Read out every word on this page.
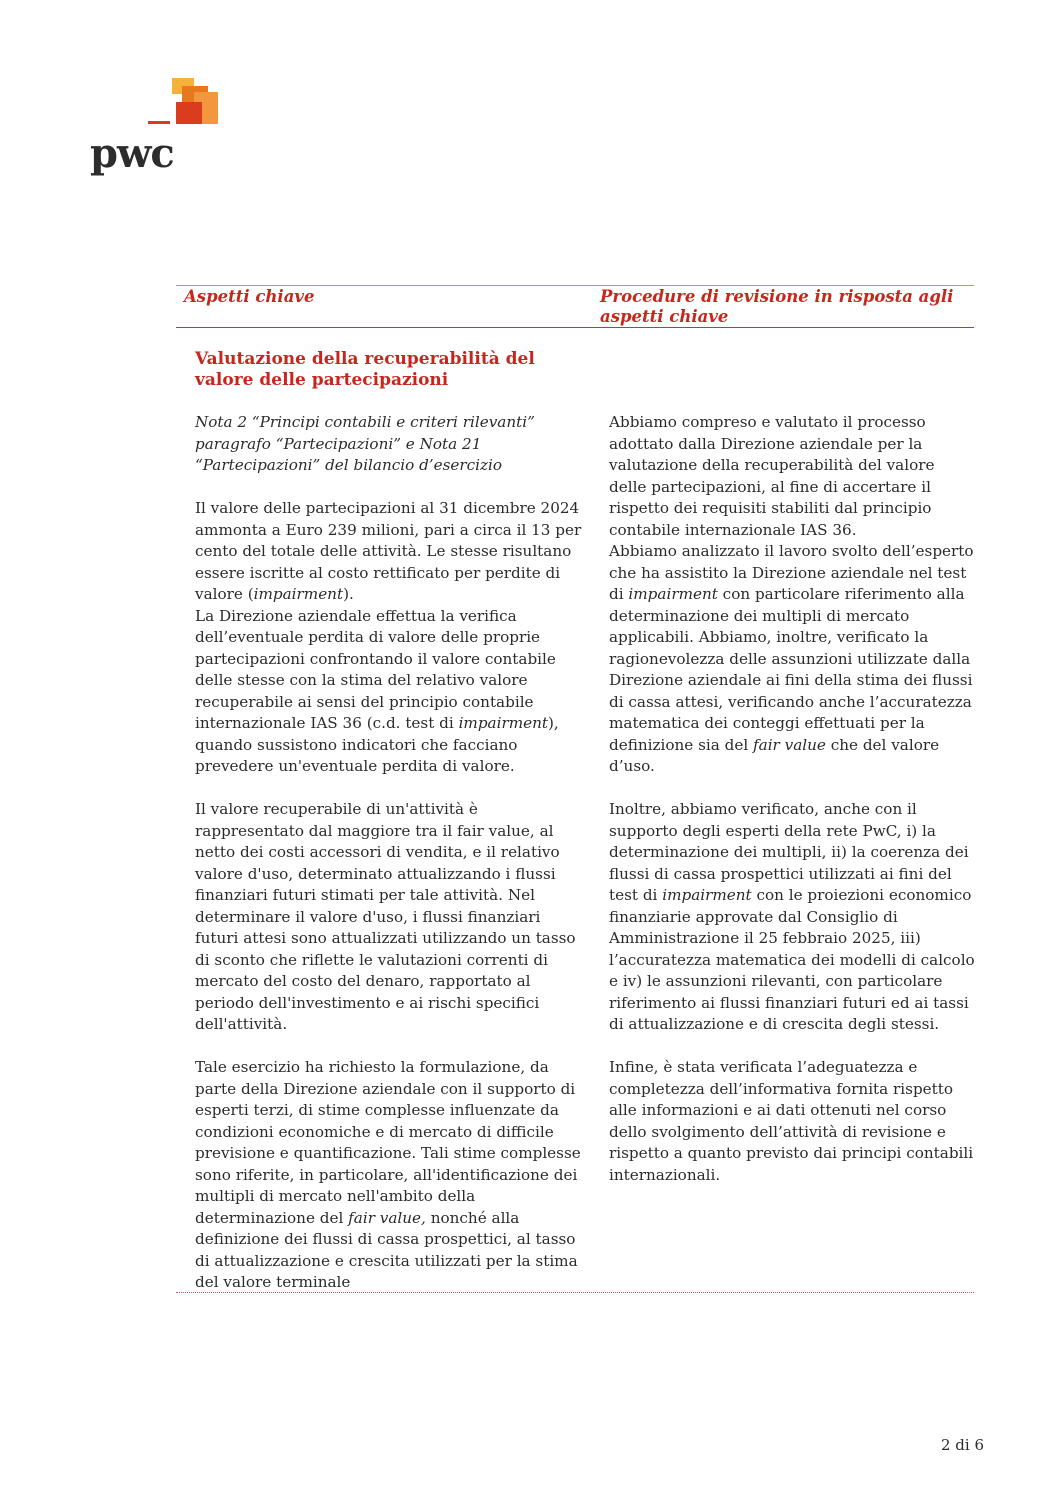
pwc
Aspetti chiave	Procedure di revisione in risposta agli aspetti chiave
Valutazione della recuperabilità del valore delle partecipazioni

Nota 2 “Principi contabili e criteri rilevanti” paragrafo “Partecipazioni” e Nota 21 “Partecipazioni” del bilancio d’esercizio

Il valore delle partecipazioni al 31 dicembre 2024 ammonta a Euro 239 milioni, pari a circa il 13 per cento del totale delle attività. Le stesse risultano essere iscritte al costo rettificato per perdite di valore (impairment).

La Direzione aziendale effettua la verifica dell’eventuale perdita di valore delle proprie partecipazioni confrontando il valore contabile delle stesse con la stima del relativo valore recuperabile ai sensi del principio contabile internazionale IAS 36 (c.d. test di impairment), quando sussistono indicatori che facciano prevedere un'eventuale perdita di valore.

Il valore recuperabile di un'attività è rappresentato dal maggiore tra il fair value, al netto dei costi accessori di vendita, e il relativo valore d'uso, determinato attualizzando i flussi finanziari futuri stimati per tale attività. Nel determinare il valore d'uso, i flussi finanziari futuri attesi sono attualizzati utilizzando un tasso di sconto che riflette le valutazioni correnti di mercato del costo del denaro, rapportato al periodo dell'investimento e ai rischi specifici dell'attività.

Tale esercizio ha richiesto la formulazione, da parte della Direzione aziendale con il supporto di esperti terzi, di stime complesse influenzate da condizioni economiche e di mercato di difficile previsione e quantificazione. Tali stime complesse sono riferite, in particolare, all'identificazione dei multipli di mercato nell'ambito della determinazione del fair value, nonché alla definizione dei flussi di cassa prospettici, al tasso di attualizzazione e crescita utilizzati per la stima del valore terminale

Abbiamo compreso e valutato il processo adottato dalla Direzione aziendale per la valutazione della recuperabilità del valore delle partecipazioni, al fine di accertare il rispetto dei requisiti stabiliti dal principio contabile internazionale IAS 36.

Abbiamo analizzato il lavoro svolto dell’esperto che ha assistito la Direzione aziendale nel test di impairment con particolare riferimento alla determinazione dei multipli di mercato applicabili. Abbiamo, inoltre, verificato la ragionevolezza delle assunzioni utilizzate dalla Direzione aziendale ai fini della stima dei flussi di cassa attesi, verificando anche l’accuratezza matematica dei conteggi effettuati per la definizione sia del fair value che del valore d’uso.

Inoltre, abbiamo verificato, anche con il supporto degli esperti della rete PwC, i) la determinazione dei multipli, ii) la coerenza dei flussi di cassa prospettici utilizzati ai fini del test di impairment con le proiezioni economico finanziarie approvate dal Consiglio di Amministrazione il 25 febbraio 2025, iii) l’accuratezza matematica dei modelli di calcolo e iv) le assunzioni rilevanti, con particolare riferimento ai flussi finanziari futuri ed ai tassi di attualizzazione e di crescita degli stessi.

Infine, è stata verificata l’adeguatezza e completezza dell’informativa fornita rispetto alle informazioni e ai dati ottenuti nel corso dello svolgimento dell’attività di revisione e rispetto a quanto previsto dai principi contabili internazionali.

2 di 6
